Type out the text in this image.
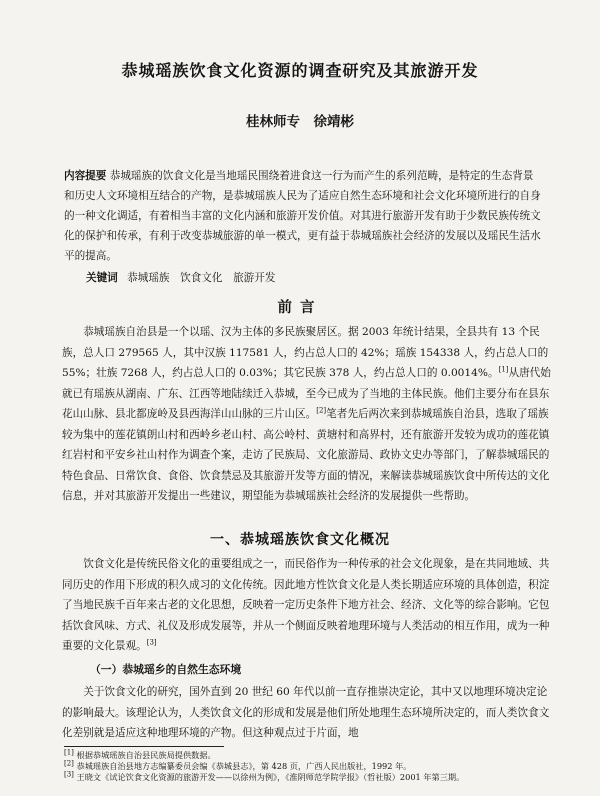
恭城瑶族饮食文化资源的调查研究及其旅游开发
桂林师专　徐靖彬
内容提要 恭城瑶族的饮食文化是当地瑶民围绕着进食这一行为而产生的系列范畴，是特定的生态背景和历史人文环境相互结合的产物，是恭城瑶族人民为了适应自然生态环境和社会文化环境所进行的自身的一种文化调适，有着相当丰富的文化内涵和旅游开发价值。对其进行旅游开发有助于少数民族传统文化的保护和传承，有利于改变恭城旅游的单一模式，更有益于恭城瑶族社会经济的发展以及瑶民生活水平的提高。
关键词 恭城瑶族　饮食文化　旅游开发
前言

恭城瑶族自治县是一个以瑶、汉为主体的多民族聚居区。据 2003 年统计结果，全县共有 13 个民族，总人口 279565 人，其中汉族 117581 人，约占总人口的 42%；瑶族 154338 人，约占总人口的 55%；壮族 7268 人，约占总人口的 0.03%；其它民族 378 人，约占总人口的 0.0014%。[1]从唐代始就已有瑶族从湖南、广东、江西等地陆续迁入恭城，至今已成为了当地的主体民族。他们主要分布在县东花山山脉、县北都庞岭及县西海洋山山脉的三片山区。[2]笔者先后两次来到恭城瑶族自治县，选取了瑶族较为集中的莲花镇朗山村和西岭乡老山村、高公岭村、黄塘村和高界村，还有旅游开发较为成功的莲花镇红岩村和平安乡社山村作为调查个案，走访了民族局、文化旅游局、政协文史办等部门，了解恭城瑶民的特色食品、日常饮食、食俗、饮食禁忌及其旅游开发等方面的情况，来解读恭城瑶族饮食中所传达的文化信息，并对其旅游开发提出一些建议，期望能为恭城瑶族社会经济的发展提供一些帮助。

一、恭城瑶族饮食文化概况

饮食文化是传统民俗文化的重要组成之一，而民俗作为一种传承的社会文化现象，是在共同地域、共同历史的作用下形成的积久成习的文化传统。因此地方性饮食文化是人类长期适应环境的具体创造，积淀了当地民族千百年来古老的文化思想，反映着一定历史条件下地方社会、经济、文化等的综合影响。它包括饮食风味、方式、礼仪及形成发展等，并从一个侧面反映着地理环境与人类活动的相互作用，成为一种重要的文化景观。[3]

（一）恭城瑶乡的自然生态环境

关于饮食文化的研究，国外直到 20 世纪 60 年代以前一直存推崇决定论，其中又以地理环境决定论的影响最大。该理论认为，人类饮食文化的形成和发展是他们所处地理生态环境所决定的，而人类饮食文化差别就是适应这种地理环境的产物。但这种观点过于片面，地

[1] 根据恭城瑶族自治县民族局提供数据。
[2] 恭城瑶族自治县地方志编纂委员会编《恭城县志》，第 428 页，广西人民出版社，1992 年。
[3] 王晓文《试论饮食文化资源的旅游开发——以徐州为例》，《淮阴师范学院学报》（哲社版）2001 年第三期。
